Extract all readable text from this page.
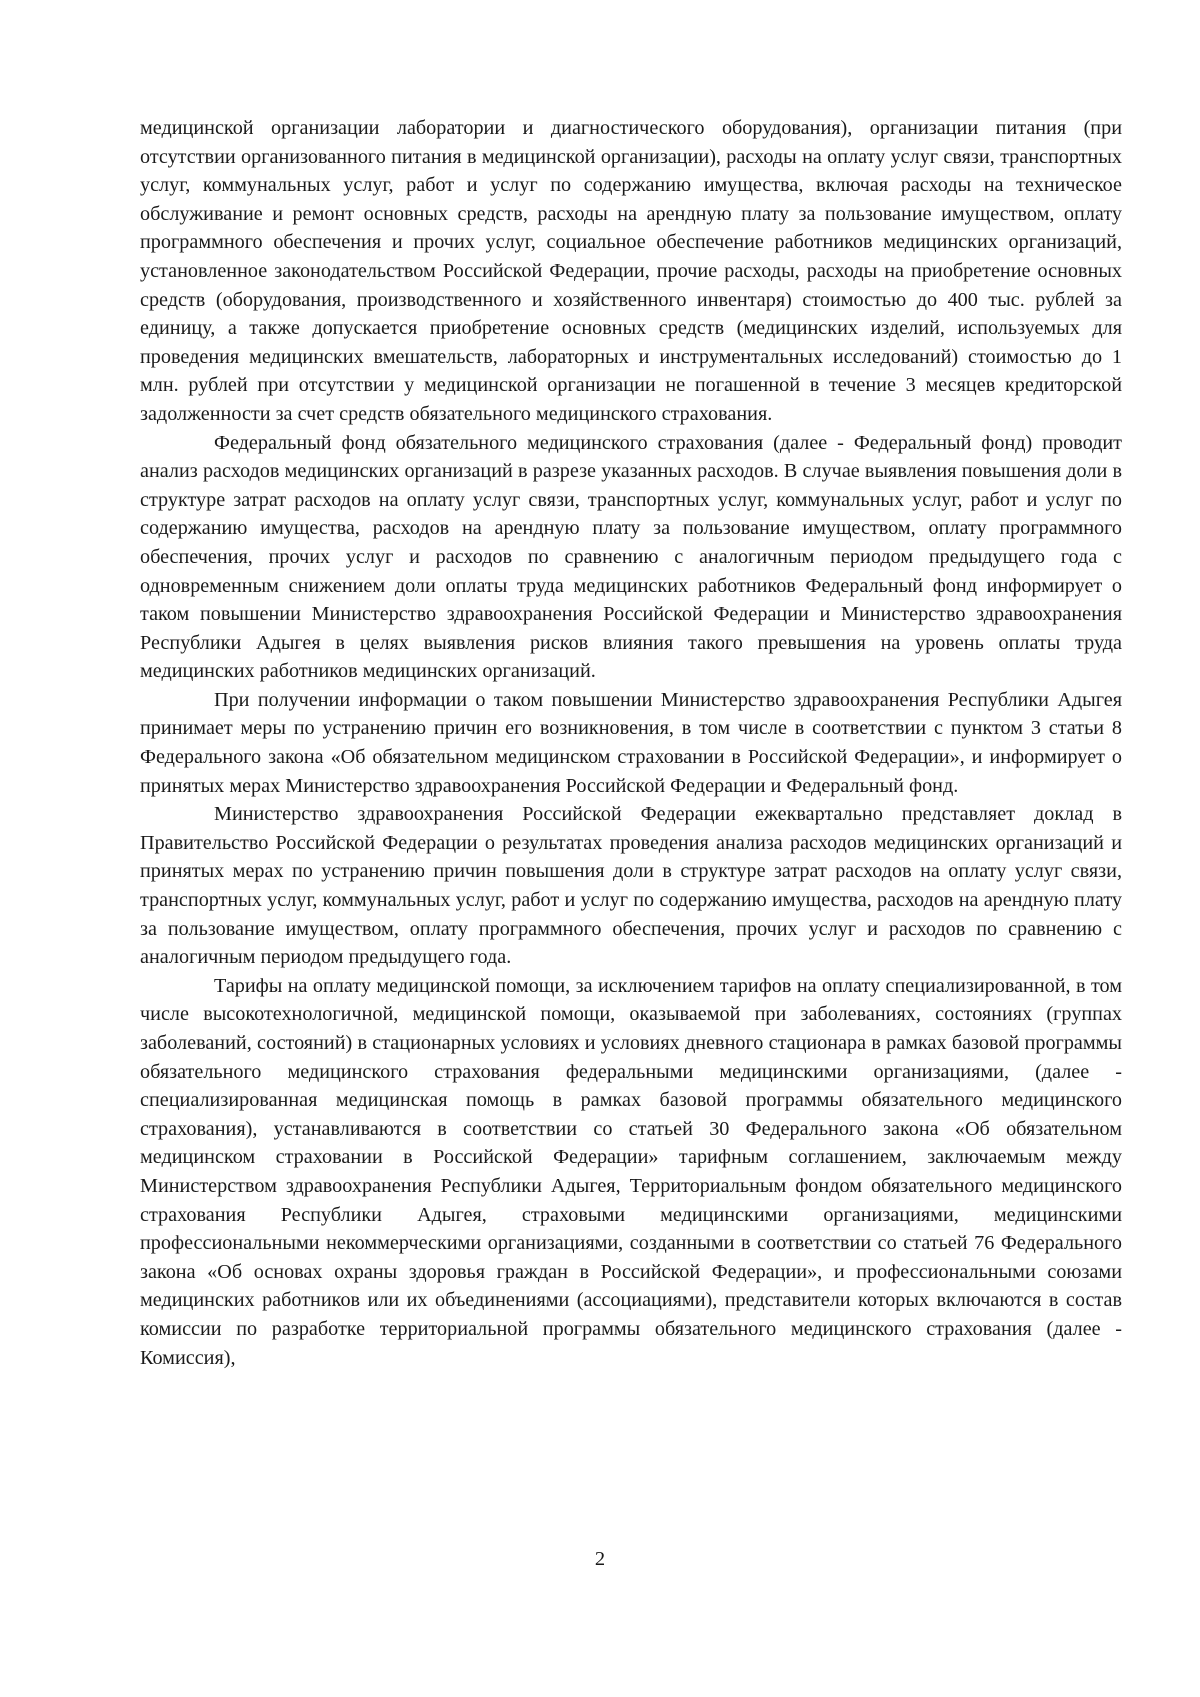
медицинской организации лаборатории и диагностического оборудования), организации питания (при отсутствии организованного питания в медицинской организации), расходы на оплату услуг связи, транспортных услуг, коммунальных услуг, работ и услуг по содержанию имущества, включая расходы на техническое обслуживание и ремонт основных средств, расходы на арендную плату за пользование имуществом, оплату программного обеспечения и прочих услуг, социальное обеспечение работников медицинских организаций, установленное законодательством Российской Федерации, прочие расходы, расходы на приобретение основных средств (оборудования, производственного и хозяйственного инвентаря) стоимостью до 400 тыс. рублей за единицу, а также допускается приобретение основных средств (медицинских изделий, используемых для проведения медицинских вмешательств, лабораторных и инструментальных исследований) стоимостью до 1 млн. рублей при отсутствии у медицинской организации не погашенной в течение 3 месяцев кредиторской задолженности за счет средств обязательного медицинского страхования.

Федеральный фонд обязательного медицинского страхования (далее - Федеральный фонд) проводит анализ расходов медицинских организаций в разрезе указанных расходов. В случае выявления повышения доли в структуре затрат расходов на оплату услуг связи, транспортных услуг, коммунальных услуг, работ и услуг по содержанию имущества, расходов на арендную плату за пользование имуществом, оплату программного обеспечения, прочих услуг и расходов по сравнению с аналогичным периодом предыдущего года с одновременным снижением доли оплаты труда медицинских работников Федеральный фонд информирует о таком повышении Министерство здравоохранения Российской Федерации и Министерство здравоохранения Республики Адыгея в целях выявления рисков влияния такого превышения на уровень оплаты труда медицинских работников медицинских организаций.

При получении информации о таком повышении Министерство здравоохранения Республики Адыгея принимает меры по устранению причин его возникновения, в том числе в соответствии с пунктом 3 статьи 8 Федерального закона «Об обязательном медицинском страховании в Российской Федерации», и информирует о принятых мерах Министерство здравоохранения Российской Федерации и Федеральный фонд.

Министерство здравоохранения Российской Федерации ежеквартально представляет доклад в Правительство Российской Федерации о результатах проведения анализа расходов медицинских организаций и принятых мерах по устранению причин повышения доли в структуре затрат расходов на оплату услуг связи, транспортных услуг, коммунальных услуг, работ и услуг по содержанию имущества, расходов на арендную плату за пользование имуществом, оплату программного обеспечения, прочих услуг и расходов по сравнению с аналогичным периодом предыдущего года.

Тарифы на оплату медицинской помощи, за исключением тарифов на оплату специализированной, в том числе высокотехнологичной, медицинской помощи, оказываемой при заболеваниях, состояниях (группах заболеваний, состояний) в стационарных условиях и условиях дневного стационара в рамках базовой программы обязательного медицинского страхования федеральными медицинскими организациями, (далее - специализированная медицинская помощь в рамках базовой программы обязательного медицинского страхования), устанавливаются в соответствии со статьей 30 Федерального закона «Об обязательном медицинском страховании в Российской Федерации» тарифным соглашением, заключаемым между Министерством здравоохранения Республики Адыгея, Территориальным фондом обязательного медицинского страхования Республики Адыгея, страховыми медицинскими организациями, медицинскими профессиональными некоммерческими организациями, созданными в соответствии со статьей 76 Федерального закона «Об основах охраны здоровья граждан в Российской Федерации», и профессиональными союзами медицинских работников или их объединениями (ассоциациями), представители которых включаются в состав комиссии по разработке территориальной программы обязательного медицинского страхования (далее - Комиссия),

2
